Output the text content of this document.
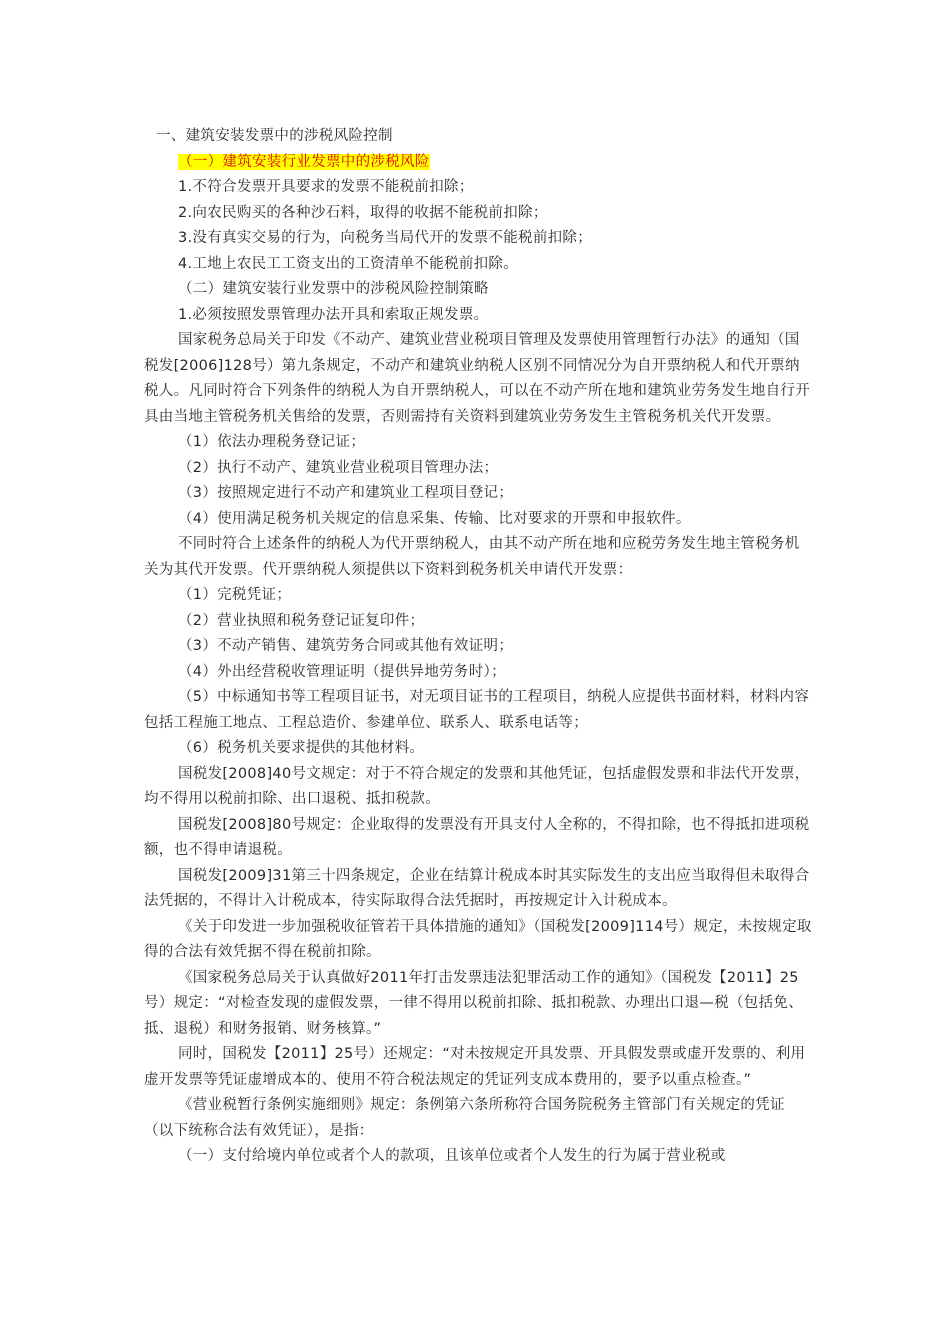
一、建筑安装发票中的涉税风险控制

（一）建筑安装行业发票中的涉税风险

1.不符合发票开具要求的发票不能税前扣除；

2.向农民购买的各种沙石料，取得的收据不能税前扣除；

3.没有真实交易的行为，向税务当局代开的发票不能税前扣除；

4.工地上农民工工资支出的工资清单不能税前扣除。

（二）建筑安装行业发票中的涉税风险控制策略

1.必须按照发票管理办法开具和索取正规发票。

国家税务总局关于印发《不动产、建筑业营业税项目管理及发票使用管理暂行办法》的通知（国税发[2006]128号）第九条规定，不动产和建筑业纳税人区别不同情况分为自开票纳税人和代开票纳税人。凡同时符合下列条件的纳税人为自开票纳税人，可以在不动产所在地和建筑业劳务发生地自行开具由当地主管税务机关售给的发票，否则需持有关资料到建筑业劳务发生主管税务机关代开发票。

（1）依法办理税务登记证；

（2）执行不动产、建筑业营业税项目管理办法；

（3）按照规定进行不动产和建筑业工程项目登记；

（4）使用满足税务机关规定的信息采集、传输、比对要求的开票和申报软件。

不同时符合上述条件的纳税人为代开票纳税人，由其不动产所在地和应税劳务发生地主管税务机关为其代开发票。代开票纳税人须提供以下资料到税务机关申请代开发票：

（1）完税凭证；

（2）营业执照和税务登记证复印件；

（3）不动产销售、建筑劳务合同或其他有效证明；

（4）外出经营税收管理证明（提供异地劳务时）；

（5）中标通知书等工程项目证书，对无项目证书的工程项目，纳税人应提供书面材料，材料内容包括工程施工地点、工程总造价、参建单位、联系人、联系电话等；

（6）税务机关要求提供的其他材料。

国税发[2008]40号文规定：对于不符合规定的发票和其他凭证，包括虚假发票和非法代开发票，均不得用以税前扣除、出口退税、抵扣税款。

国税发[2008]80号规定：企业取得的发票没有开具支付人全称的，不得扣除，也不得抵扣进项税额，也不得申请退税。

国税发[2009]31第三十四条规定，企业在结算计税成本时其实际发生的支出应当取得但未取得合法凭据的，不得计入计税成本，待实际取得合法凭据时，再按规定计入计税成本。

《关于印发进一步加强税收征管若干具体措施的通知》（国税发[2009]114号）规定，未按规定取得的合法有效凭据不得在税前扣除。

《国家税务总局关于认真做好2011年打击发票违法犯罪活动工作的通知》（国税发【2011】25号）规定：“对检查发现的虚假发票，一律不得用以税前扣除、抵扣税款、办理出口退—税（包括免、抵、退税）和财务报销、财务核算。”

同时，国税发【2011】25号）还规定：“对未按规定开具发票、开具假发票或虚开发票的、利用虚开发票等凭证虚增成本的、使用不符合税法规定的凭证列支成本费用的，要予以重点检查。”

《营业税暂行条例实施细则》规定：条例第六条所称符合国务院税务主管部门有关规定的凭证（以下统称合法有效凭证），是指：

（一）支付给境内单位或者个人的款项，且该单位或者个人发生的行为属于营业税或
